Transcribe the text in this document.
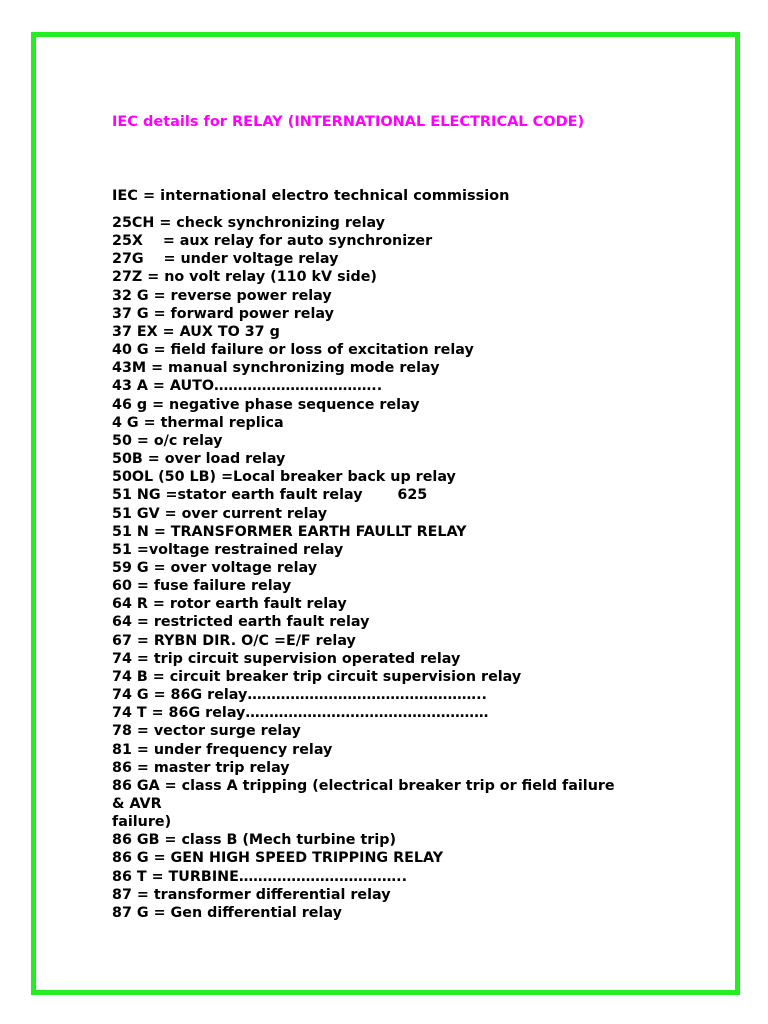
IEC details for RELAY (INTERNATIONAL ELECTRICAL CODE)

IEC = international electro technical commission

25CH = check synchronizing relay
25X    = aux relay for auto synchronizer
27G    = under voltage relay
27Z = no volt relay (110 kV side)
32 G = reverse power relay
37 G = forward power relay
37 EX = AUX TO 37 g
40 G = field failure or loss of excitation relay
43M = manual synchronizing mode relay
43 A = AUTO……………………………..
46 g = negative phase sequence relay
4 G = thermal replica
50 = o/c relay
50B = over load relay
50OL (50 LB) =Local breaker back up relay
51 NG =stator earth fault relay       625
51 GV = over current relay
51 N = TRANSFORMER EARTH FAULLT RELAY
51 =voltage restrained relay
59 G = over voltage relay
60 = fuse failure relay
64 R = rotor earth fault relay
64 = restricted earth fault relay
67 = RYBN DIR. O/C =E/F relay
74 = trip circuit supervision operated relay
74 B = circuit breaker trip circuit supervision relay
74 G = 86G relay…………………………………………..
74 T = 86G relay……………………………………………
78 = vector surge relay
81 = under frequency relay
86 = master trip relay
86 GA = class A tripping (electrical breaker trip or field failure
& AVR
failure)
86 GB = class B (Mech turbine trip)
86 G = GEN HIGH SPEED TRIPPING RELAY
86 T = TURBINE……………………………..
87 = transformer differential relay
87 G = Gen differential relay
